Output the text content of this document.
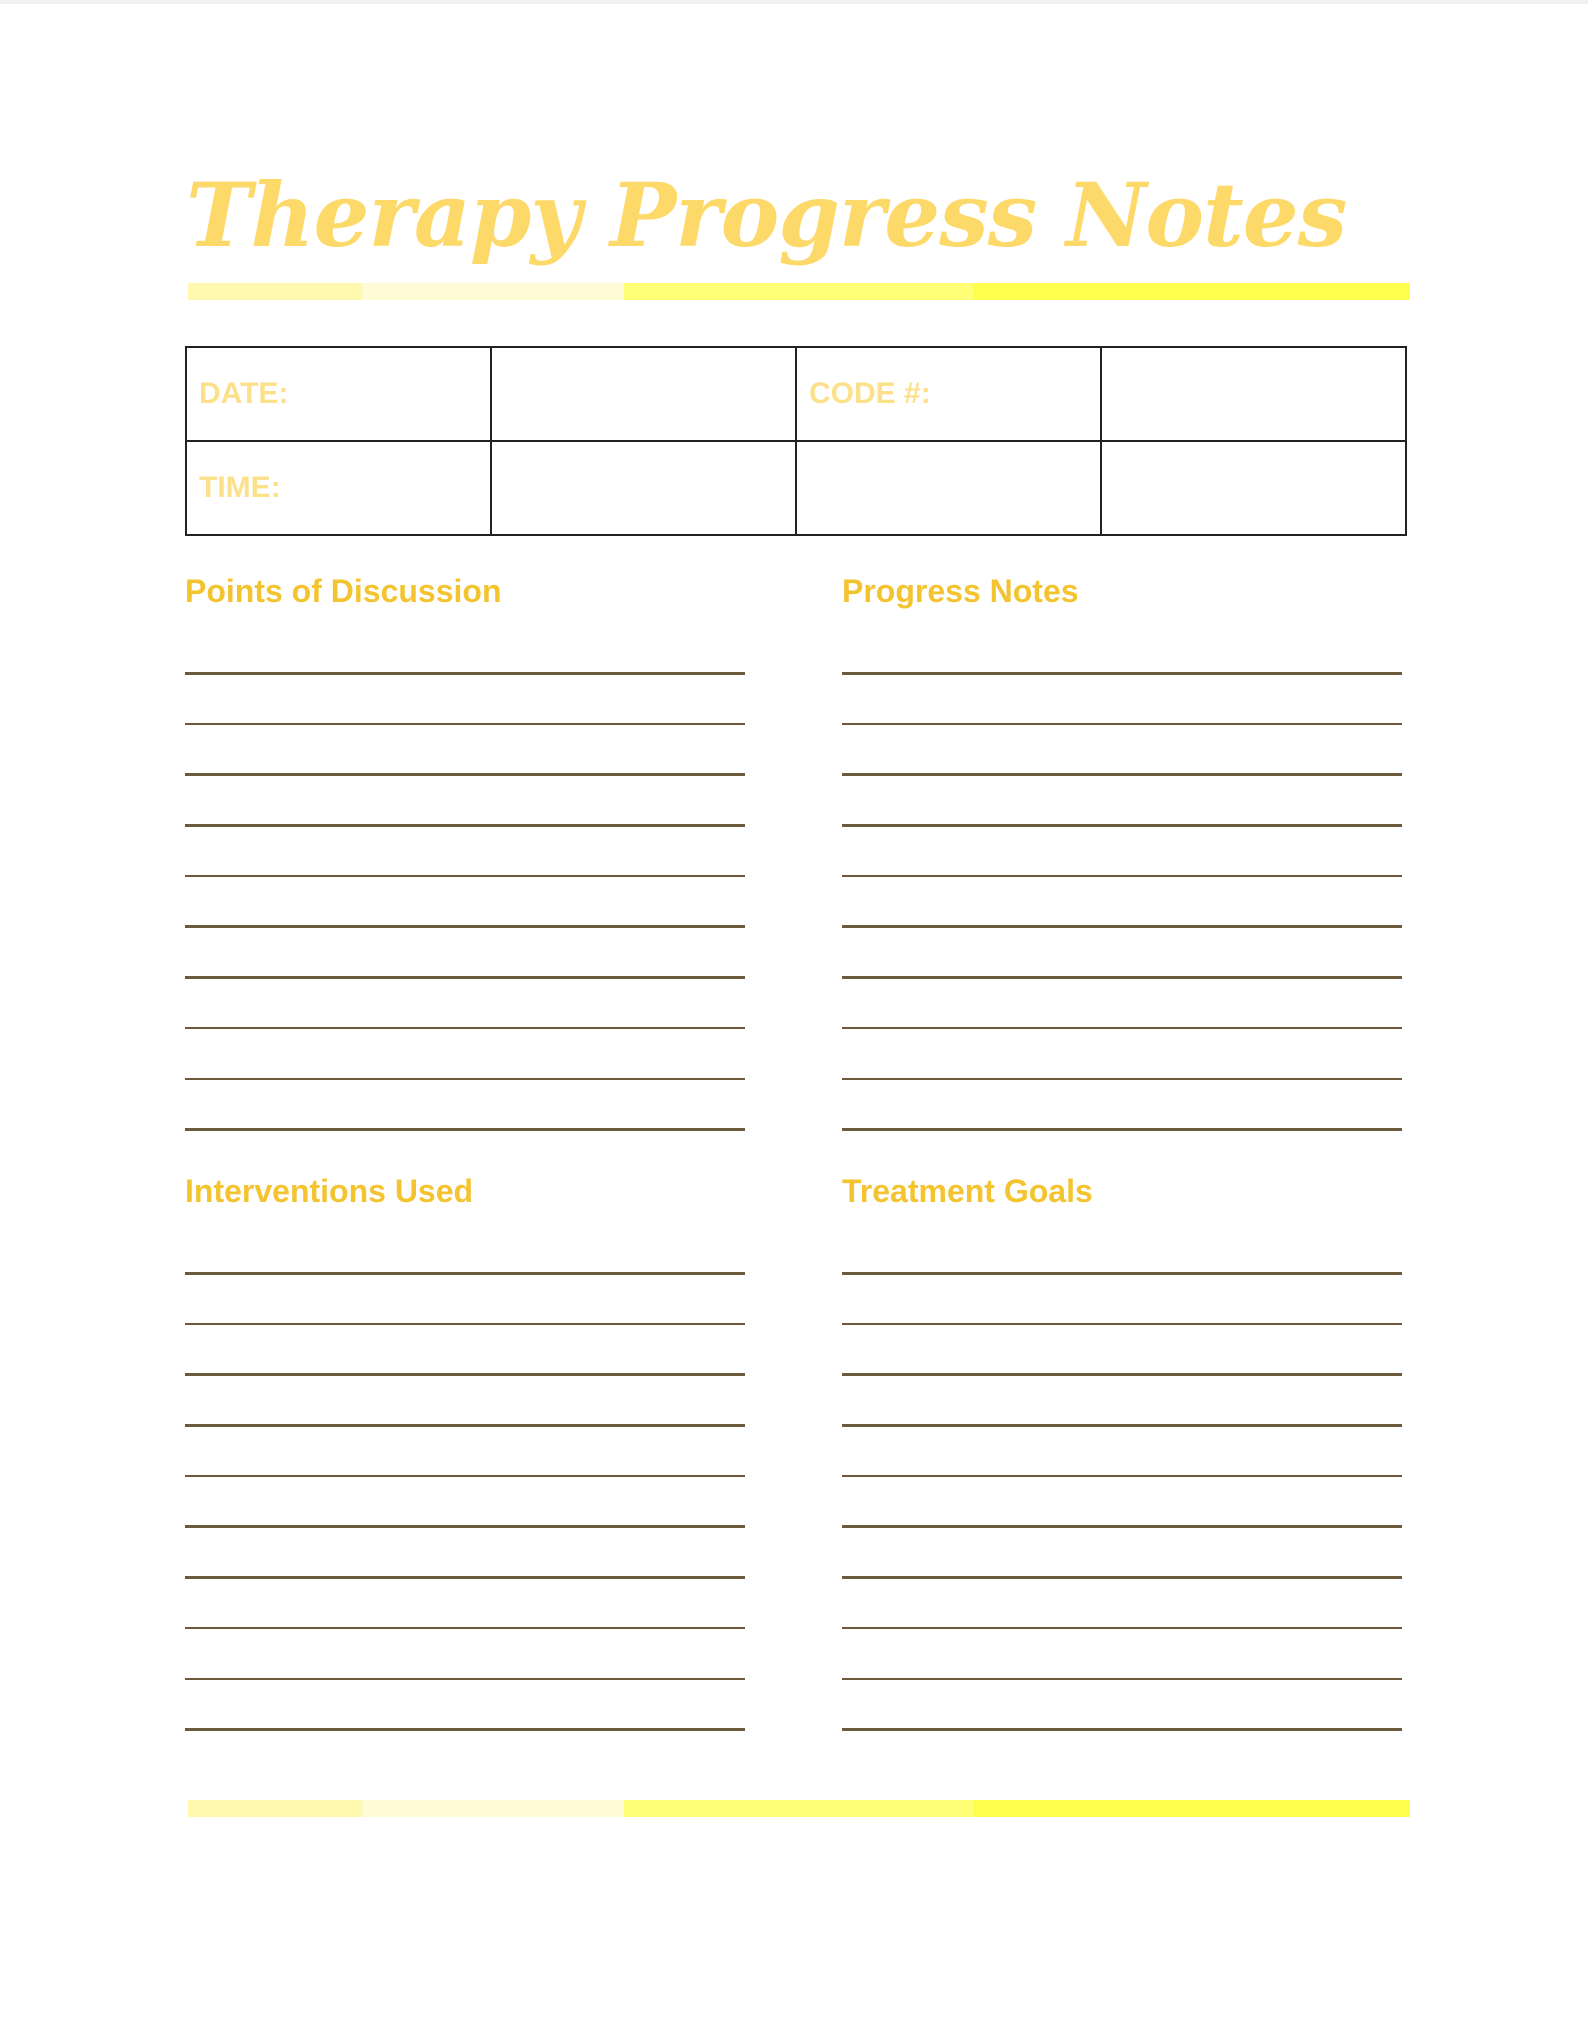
Therapy Progress Notes
DATE:		CODE #:	
TIME:			
Points of Discussion	Progress Notes
Interventions Used	Treatment Goals
